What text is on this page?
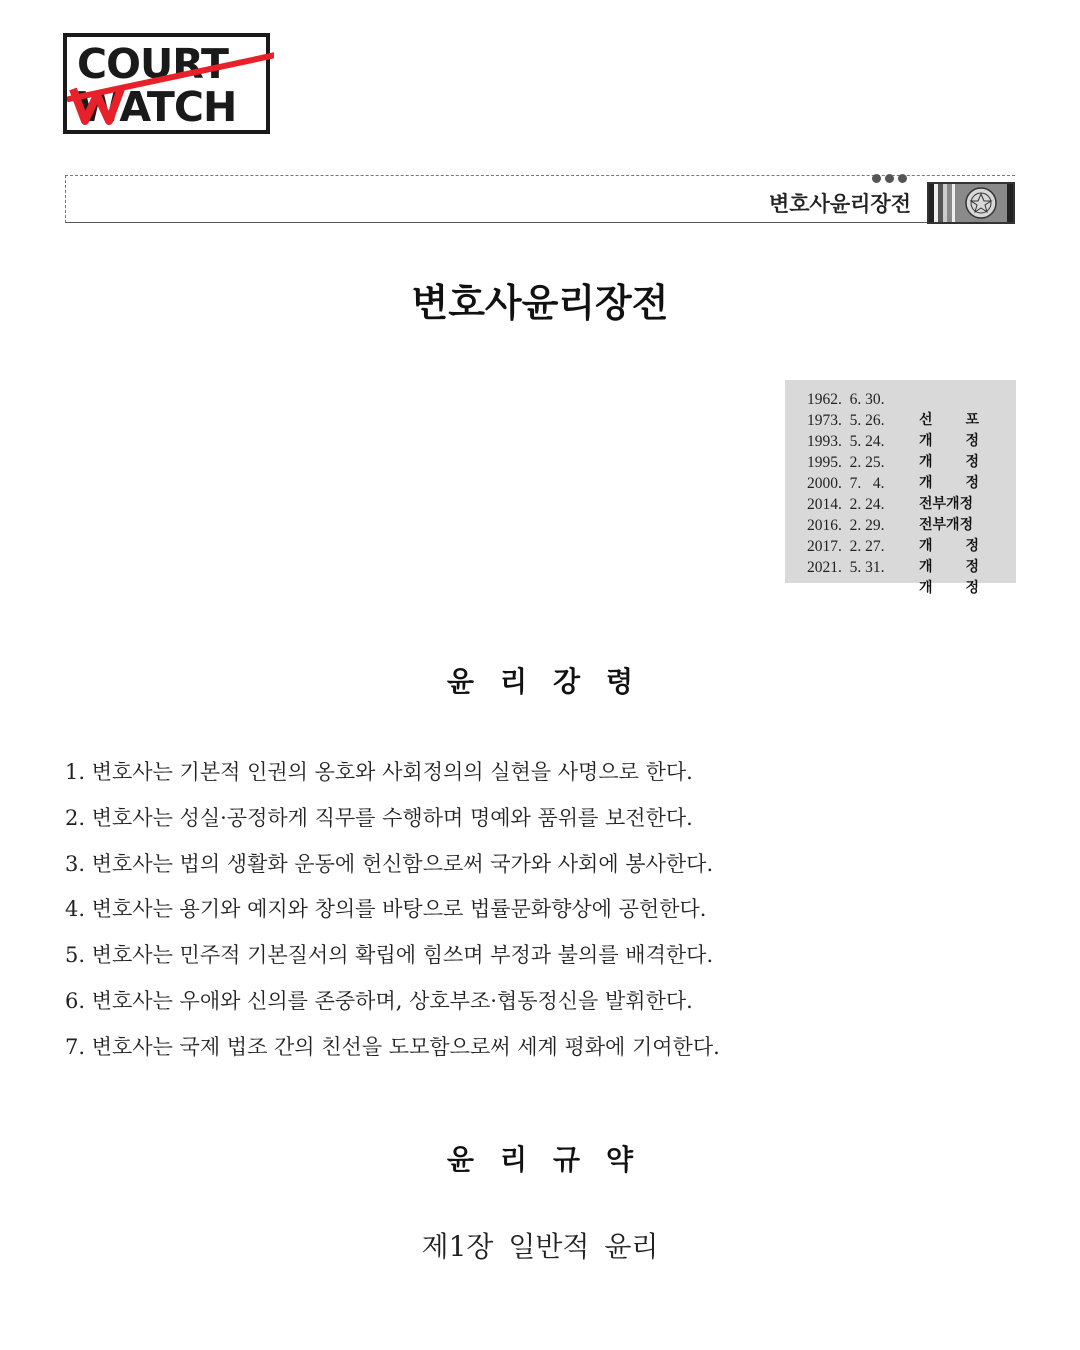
COURT
WATCH
변호사윤리장전
변호사윤리장전
1962.  6. 30.
선 포
1973.  5. 26.
개 정
1993.  5. 24.
개 정
1995.  2. 25.
개 정
2000.  7.   4.
전부개정
2014.  2. 24.
전부개정
2016.  2. 29.
개 정
2017.  2. 27.
개 정
2021.  5. 31.
개 정
윤리강령
1. 변호사는 기본적 인권의 옹호와 사회정의의 실현을 사명으로 한다.
2. 변호사는 성실·공정하게 직무를 수행하며 명예와 품위를 보전한다.
3. 변호사는 법의 생활화 운동에 헌신함으로써 국가와 사회에 봉사한다.
4. 변호사는 용기와 예지와 창의를 바탕으로 법률문화향상에 공헌한다.
5. 변호사는 민주적 기본질서의 확립에 힘쓰며 부정과 불의를 배격한다.
6. 변호사는 우애와 신의를 존중하며, 상호부조·협동정신을 발휘한다.
7. 변호사는 국제 법조 간의 친선을 도모함으로써 세계 평화에 기여한다.
윤리규약
제1장 일반적 윤리
